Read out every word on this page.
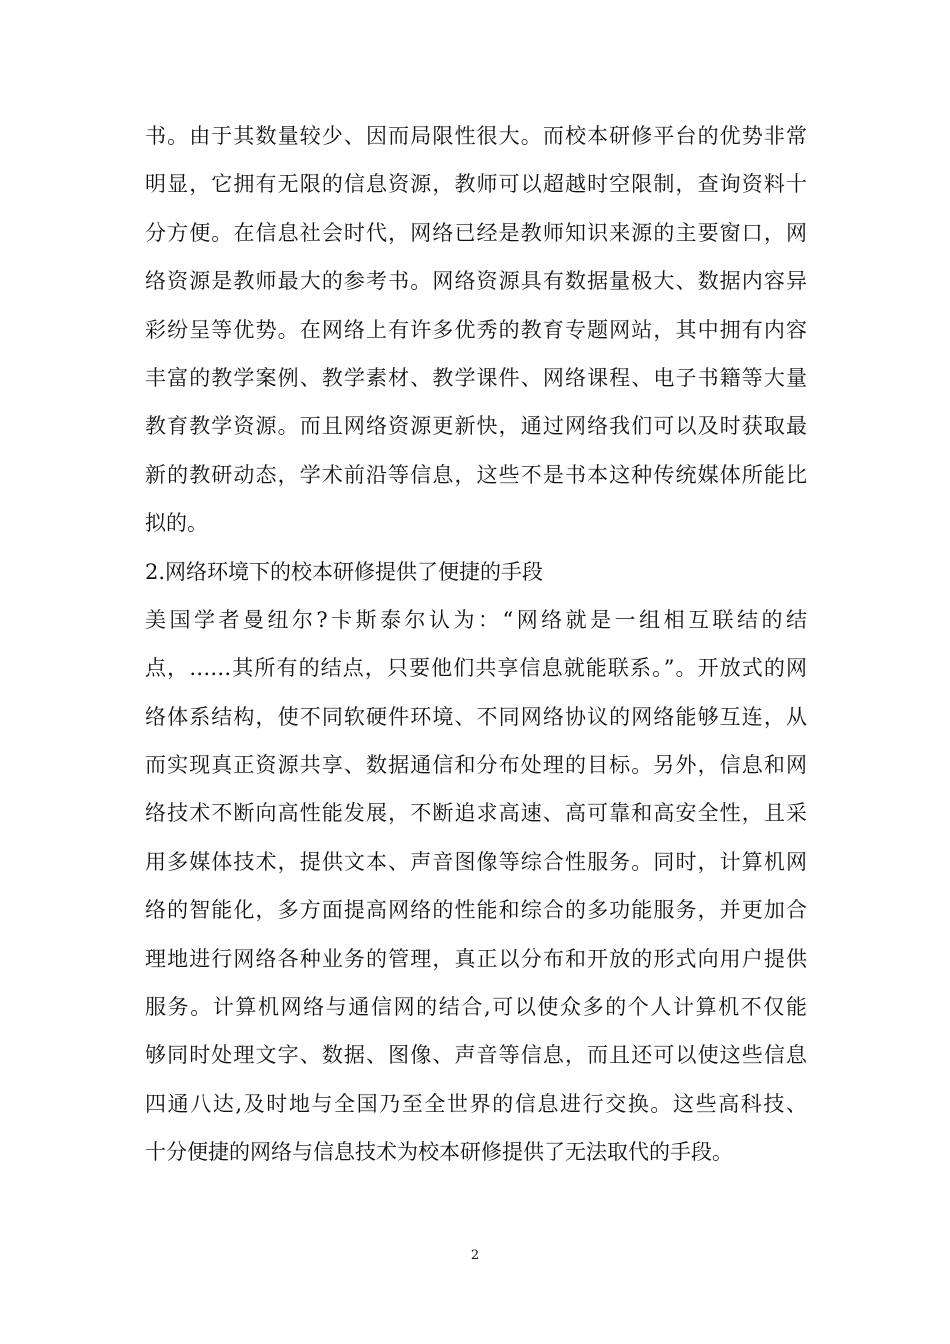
书。由于其数量较少、因而局限性很大。而校本研修平台的优势非常
明显，它拥有无限的信息资源，教师可以超越时空限制，查询资料十
分方便。在信息社会时代，网络已经是教师知识来源的主要窗口，网
络资源是教师最大的参考书。网络资源具有数据量极大、数据内容异
彩纷呈等优势。在网络上有许多优秀的教育专题网站，其中拥有内容
丰富的教学案例、教学素材、教学课件、网络课程、电子书籍等大量
教育教学资源。而且网络资源更新快，通过网络我们可以及时获取最
新的教研动态，学术前沿等信息，这些不是书本这种传统媒体所能比
拟的。
2.网络环境下的校本研修提供了便捷的手段
美国学者曼纽尔?卡斯泰尔认为：“网络就是一组相互联结的结
点，……其所有的结点，只要他们共享信息就能联系。”。开放式的网
络体系结构，使不同软硬件环境、不同网络协议的网络能够互连，从
而实现真正资源共享、数据通信和分布处理的目标。另外，信息和网
络技术不断向高性能发展，不断追求高速、高可靠和高安全性，且采
用多媒体技术，提供文本、声音图像等综合性服务。同时，计算机网
络的智能化，多方面提高网络的性能和综合的多功能服务，并更加合
理地进行网络各种业务的管理，真正以分布和开放的形式向用户提供
服务。计算机网络与通信网的结合,可以使众多的个人计算机不仅能
够同时处理文字、数据、图像、声音等信息，而且还可以使这些信息
四通八达,及时地与全国乃至全世界的信息进行交换。这些高科技、
十分便捷的网络与信息技术为校本研修提供了无法取代的手段。
2
